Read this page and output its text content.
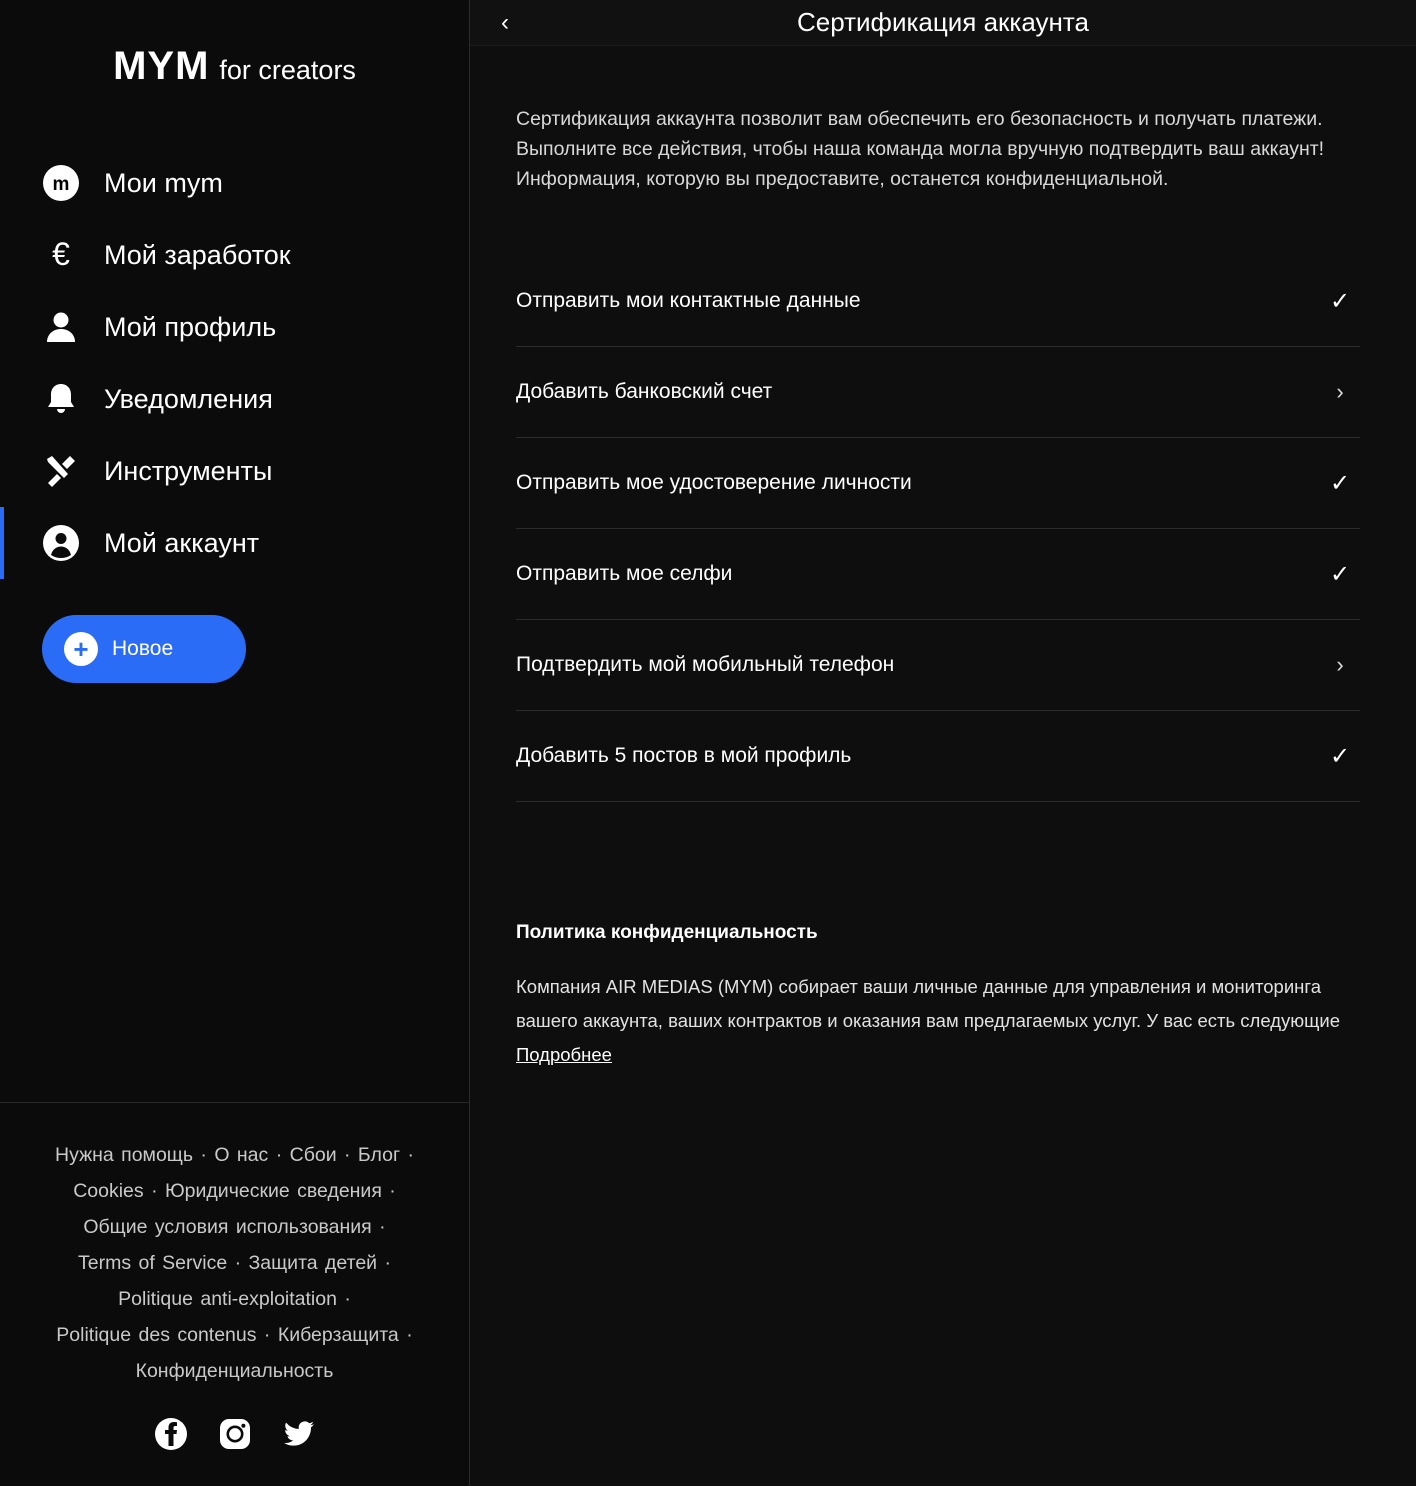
MYM for creators
m Мои mym
€ Мой заработок
Мой профиль
Уведомления
Инструменты
Мой аккаунт
+	Новое
Нужна помощь · О нас · Сбои · Блог ·
Cookies · Юридические сведения ·
Общие условия использования ·
Terms of Service · Защита детей ·
Politique anti-exploitation ·
Politique des contenus · Киберзащита ·
Конфиденциальность
‹	Сертификация аккаунта

Сертификация аккаунта позволит вам обеспечить его безопасность и получать платежи. Выполните все действия, чтобы наша команда могла вручную подтвердить ваш аккаунт! Информация, которую вы предоставите, останется конфиденциальной.

Отправить мои контактные данные	✓
Добавить банковский счет	›
Отправить мое удостоверение личности	✓
Отправить мое селфи	✓
Подтвердить мой мобильный телефон	›
Добавить 5 постов в мой профиль	✓
Политика конфиденциальность
Компания AIR MEDIAS (MYM) собирает ваши личные данные для управления и мониторинга вашего аккаунта, ваших контрактов и оказания вам предлагаемых услуг. У вас есть следующие Подробнее
